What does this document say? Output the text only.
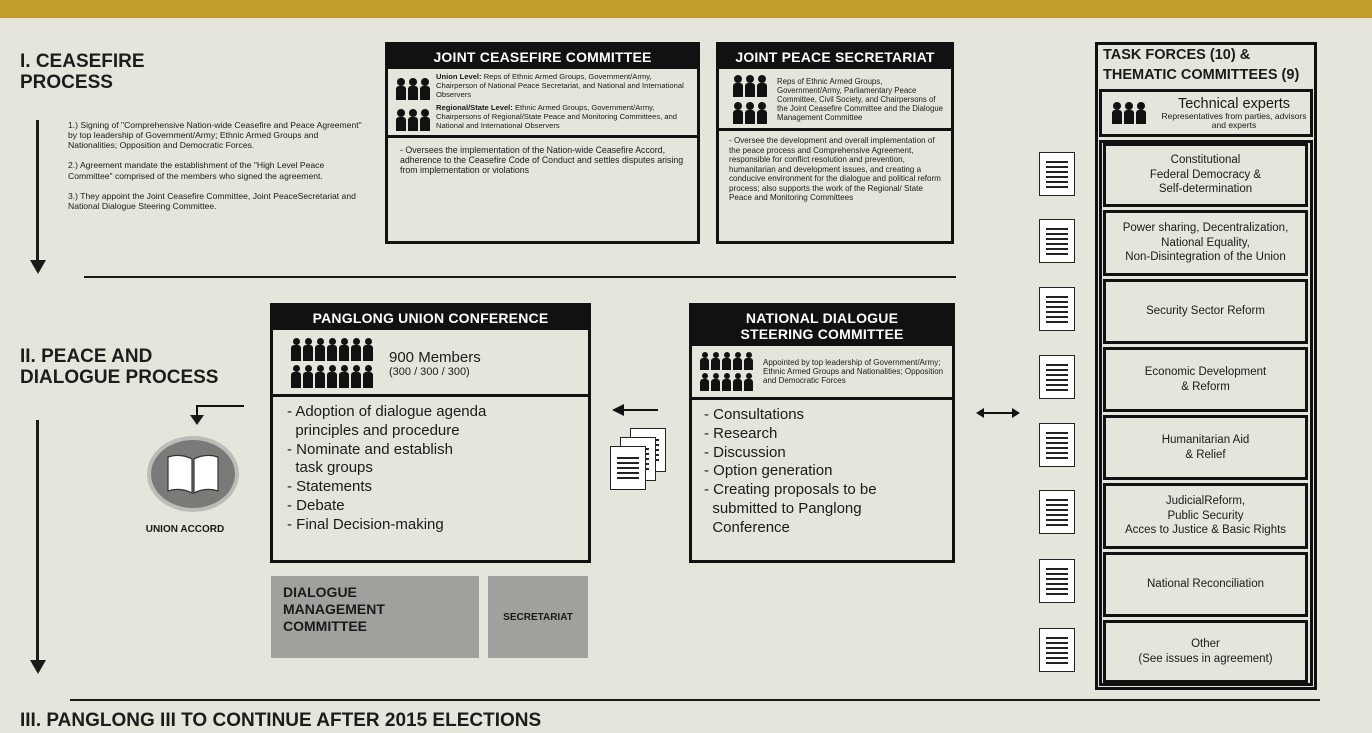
I. CEASEFIRE
PROCESS
1.) Signing of "Comprehensive Nation-wide Ceasefire and Peace Agreement" by top leadership of Government/Army; Ethnic Armed Groups and Nationalities; Opposition and Democratic Forces.
2.) Agreement mandate the establishment of the "High Level Peace Committee" comprised of the members who signed the agreement.
3.) They appoint the Joint Ceasefire Committee, Joint PeaceSecretariat and National Dialogue Steering Committee.
JOINT CEASEFIRE COMMITTEE
Union Level: Reps of Ethnic Armed Groups, Government/Army, Chairperson of National Peace Secretariat, and National and International Observers
Regional/State Level: Ethnic Armed Groups, Government/Army, Chairpersons of Regional/State Peace and Monitoring Committees, and National and International Observers
- Oversees the implementation of the Nation-wide Ceasefire Accord, adherence to the Ceasefire Code of Conduct and settles disputes arising from implementation or violations
JOINT PEACE SECRETARIAT
Reps of Ethnic Armed Groups, Government/Army, Parliamentary Peace Committee, Civil Society, and Chairpersons of the Joint Ceasefire Committee and the Dialogue Management Committee
- Oversee the development and overall implementation of the peace process and Comprehensive Agreement, responsible for conflict resolution and prevention, humanitarian and development issues, and creating a conducive environment for the dialogue and political reform process; also supports the work of the Regional/ State Peace and Monitoring Committees
TASK FORCES (10) &
THEMATIC COMMITTEES (9)
Technical experts
Representatives from parties, advisors and experts
Constitutional
Federal Democracy &
Self-determination
Power sharing, Decentralization,
National Equality,
Non-Disintegration of the Union
Security Sector Reform
Economic Development
& Reform
Humanitarian Aid
& Relief
JudicialReform,
Public Security
Acces to Justice & Basic Rights
National Reconciliation
Other
(See issues in agreement)
II. PEACE AND
DIALOGUE PROCESS
UNION ACCORD
PANGLONG UNION CONFERENCE
900 Members
(300 / 300 / 300)
- Adoption of dialogue agenda
principles and procedure
- Nominate and establish
task groups
- Statements
- Debate
- Final Decision-making
NATIONAL DIALOGUE
STEERING COMMITTEE
Appointed by top leadership of Government/Army; Ethnic Armed Groups and Nationalities; Opposition and Democratic Forces
- Consultations
- Research
- Discussion
- Option generation
- Creating proposals to be
submitted to Panglong
Conference
DIALOGUE
MANAGEMENT
COMMITTEE
SECRETARIAT
III. PANGLONG III TO CONTINUE AFTER 2015 ELECTIONS
